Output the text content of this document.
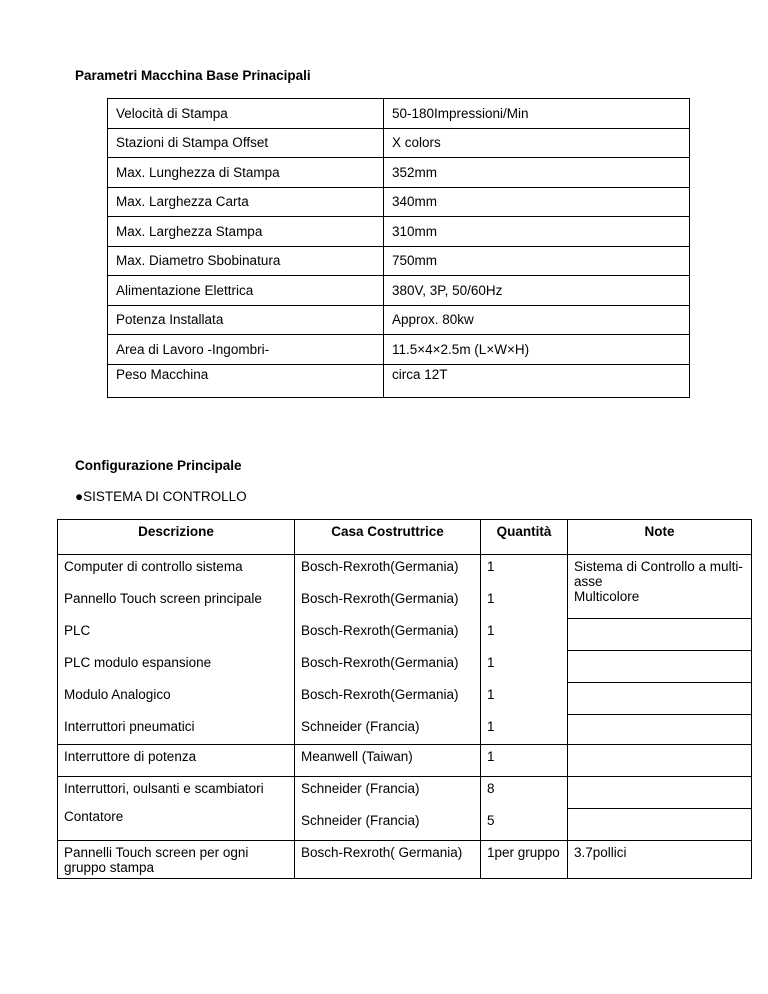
Parametri Macchina Base Prinacipali

Velocità di Stampa	50-180Impressioni/Min
Stazioni di Stampa Offset	X colors
Max. Lunghezza di Stampa	352mm
Max. Larghezza Carta	340mm
Max. Larghezza Stampa	310mm
Max. Diametro Sbobinatura	750mm
Alimentazione Elettrica	380V, 3P, 50/60Hz
Potenza Installata	Approx. 80kw
Area di Lavoro -Ingombri-	11.5×4×2.5m (L×W×H)
Peso Macchina	circa 12T

Configurazione Principale

●SISTEMA DI CONTROLLO

Descrizione	Casa Costruttrice	Quantità	Note
Computer di controllo sistema	Bosch-Rexroth(Germania)	1	Sistema di Controllo a multi-asse
Multicolore
Pannello Touch screen principale	Bosch-Rexroth(Germania)	1	
PLC	Bosch-Rexroth(Germania)	1	
PLC modulo espansione	Bosch-Rexroth(Germania)	1	
Modulo Analogico	Bosch-Rexroth(Germania)	1	
Interruttori pneumatici	Schneider (Francia)	1	
Interruttore di potenza	Meanwell (Taiwan)	1	
Interruttori, oulsanti e scambiatori	Schneider (Francia)	8	
Contatore	Schneider (Francia)	5	
Pannelli Touch screen per ogni gruppo stampa	Bosch-Rexroth( Germania)	1per gruppo	3.7pollici
